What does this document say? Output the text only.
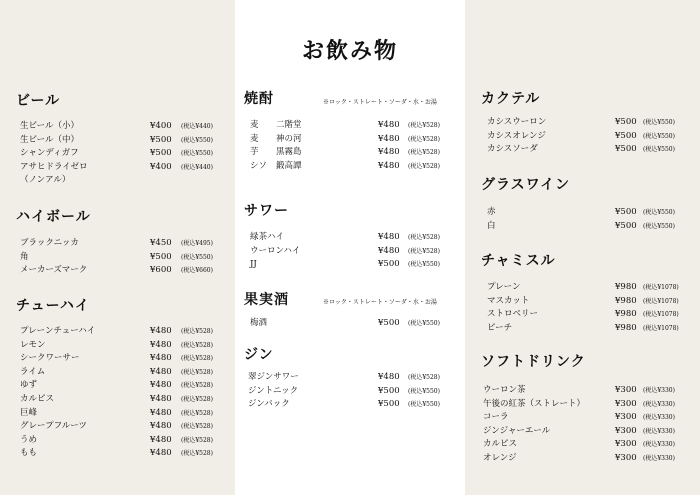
お飲み物
ビール
生ビール（小）	¥400 (税込¥440)
生ビール（中）	¥500 (税込¥550)
シャンディガフ	¥500 (税込¥550)
アサヒドライゼロ	¥400 (税込¥440)
（ノンアル）
ハイボール
ブラックニッカ	¥450 (税込¥495)
角	¥500 (税込¥550)
メーカーズマーク	¥600 (税込¥660)
チューハイ
プレーンチューハイ	¥480 (税込¥528)
レモン	¥480 (税込¥528)
シークワーサー	¥480 (税込¥528)
ライム	¥480 (税込¥528)
ゆず	¥480 (税込¥528)
カルピス	¥480 (税込¥528)
巨峰	¥480 (税込¥528)
グレープフルーツ	¥480 (税込¥528)
うめ	¥480 (税込¥528)
もも	¥480 (税込¥528)
焼酎	※ロック・ストレート・ソーダ・水・お湯
麦 二階堂	¥480 (税込¥528)
麦 神の河	¥480 (税込¥528)
芋 黒霧島	¥480 (税込¥528)
シソ 鍛高譚	¥480 (税込¥528)
サワー
緑茶ハイ	¥480 (税込¥528)
ウーロンハイ	¥480 (税込¥528)
JJ	¥500 (税込¥550)
果実酒	※ロック・ストレート・ソーダ・水・お湯
梅酒	¥500 (税込¥550)
ジン
翠ジンサワー	¥480 (税込¥528)
ジントニック	¥500 (税込¥550)
ジンバック	¥500 (税込¥550)
カクテル
カシスウーロン	¥500 (税込¥550)
カシスオレンジ	¥500 (税込¥550)
カシスソーダ	¥500 (税込¥550)
グラスワイン
赤	¥500 (税込¥550)
白	¥500 (税込¥550)
チャミスル
プレーン	¥980 (税込¥1078)
マスカット	¥980 (税込¥1078)
ストロベリー	¥980 (税込¥1078)
ピーチ	¥980 (税込¥1078)
ソフトドリンク
ウーロン茶	¥300 (税込¥330)
午後の紅茶（ストレート）	¥300 (税込¥330)
コーラ	¥300 (税込¥330)
ジンジャーエール	¥300 (税込¥330)
カルピス	¥300 (税込¥330)
オレンジ	¥300 (税込¥330)
